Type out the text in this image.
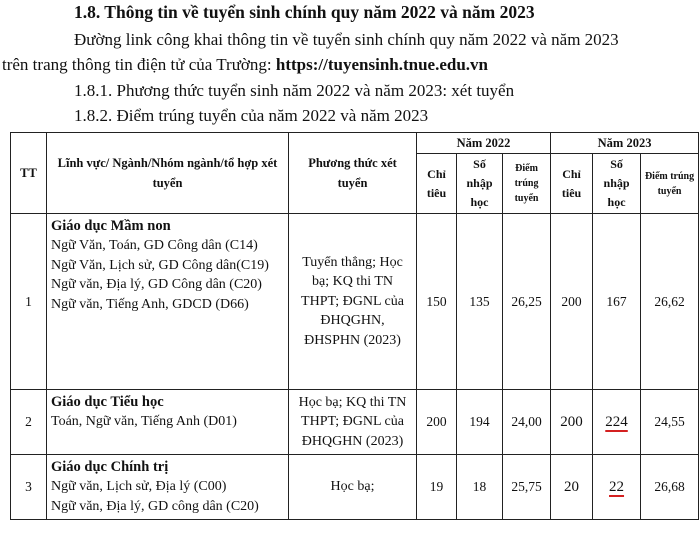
1.8. Thông tin về tuyển sinh chính quy năm 2022 và năm 2023
Đường link công khai thông tin về tuyển sinh chính quy năm 2022 và năm 2023
trên trang thông tin điện tử của Trường: https://tuyensinh.tnue.edu.vn
1.8.1. Phương thức tuyển sinh năm 2022 và năm 2023: xét tuyển
1.8.2. Điểm trúng tuyển của năm 2022 và năm 2023
TT	Lĩnh vực/ Ngành/Nhóm ngành/tổ hợp xét tuyển	Phương thức xét tuyển	Năm 2022			Năm 2023		
			Chỉ tiêu	Số nhập học	Điểm trúng tuyển	Chỉ tiêu	Số nhập học	Điểm trúng tuyển
1	Giáo dục Mầm non
Ngữ Văn, Toán, GD Công dân (C14)
Ngữ Văn, Lịch sử, GD Công dân(C19)
Ngữ văn, Địa lý, GD Công dân (C20)
Ngữ văn, Tiếng Anh, GDCD (D66)	Tuyển thẳng; Học bạ; KQ thi TN THPT; ĐGNL của ĐHQGHN, ĐHSPHN (2023)	150	135	26,25	200	167	26,62
2	Giáo dục Tiểu học
Toán, Ngữ văn, Tiếng Anh (D01)	Học bạ; KQ thi TN THPT; ĐGNL của ĐHQGHN (2023)	200	194	24,00	200	224	24,55
3	Giáo dục Chính trị
Ngữ văn, Lịch sử, Địa lý (C00)
Ngữ văn, Địa lý, GD công dân (C20)	Học bạ;	19	18	25,75	20	22	26,68
